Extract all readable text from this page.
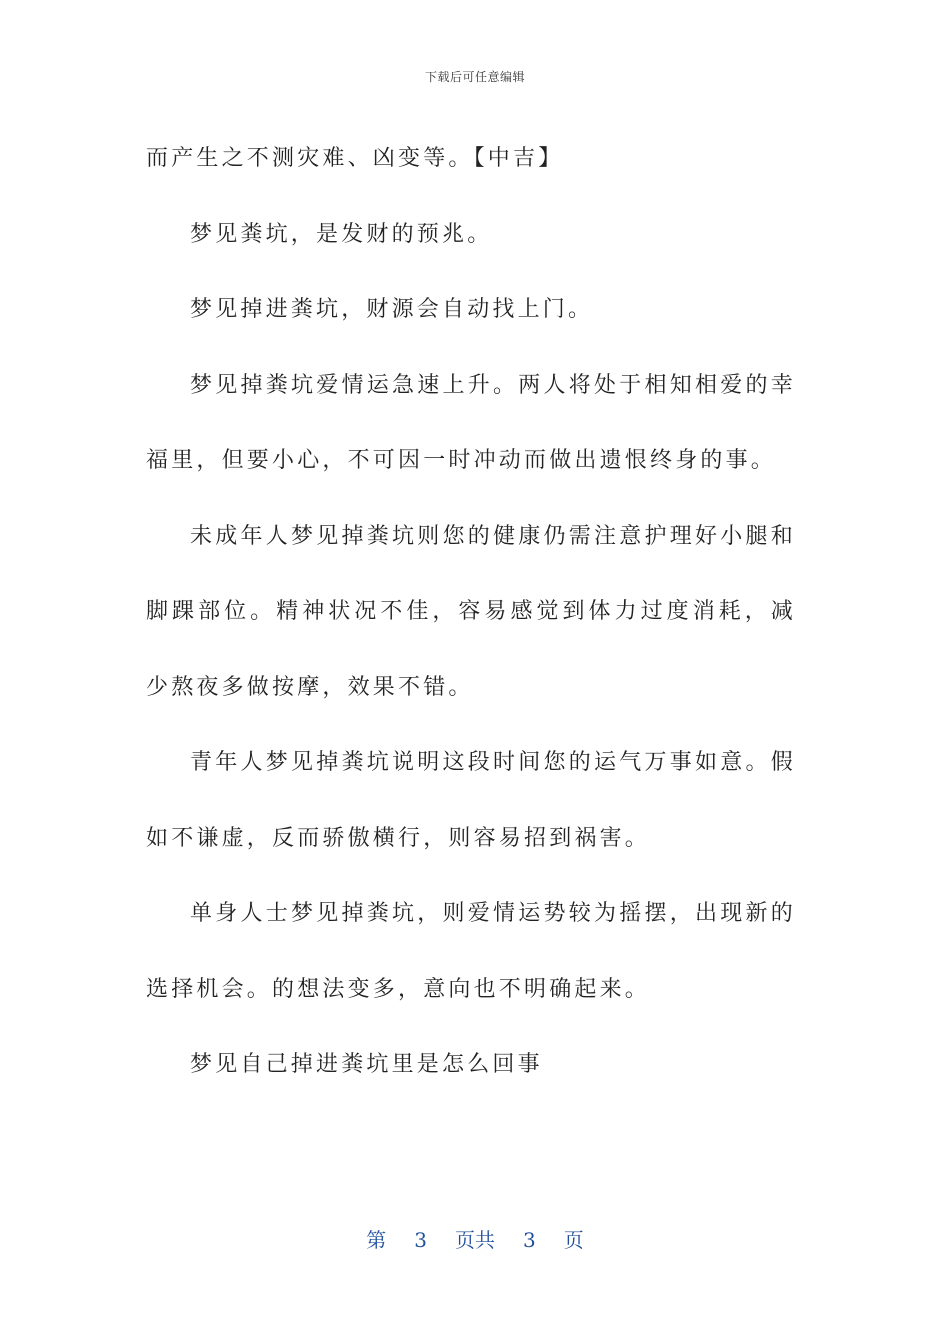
下载后可任意编辑

而产生之不测灾难、凶变等。【中吉】

梦见粪坑，是发财的预兆。

梦见掉进粪坑，财源会自动找上门。

梦见掉粪坑爱情运急速上升。两人将处于相知相爱的幸福里，但要小心，不可因一时冲动而做出遗恨终身的事。

未成年人梦见掉粪坑则您的健康仍需注意护理好小腿和脚踝部位。精神状况不佳，容易感觉到体力过度消耗，减少熬夜多做按摩，效果不错。

青年人梦见掉粪坑说明这段时间您的运气万事如意。假如不谦虚，反而骄傲横行，则容易招到祸害。

单身人士梦见掉粪坑，则爱情运势较为摇摆，出现新的选择机会。的想法变多，意向也不明确起来。

梦见自己掉进粪坑里是怎么回事

第 3 页共 3 页
